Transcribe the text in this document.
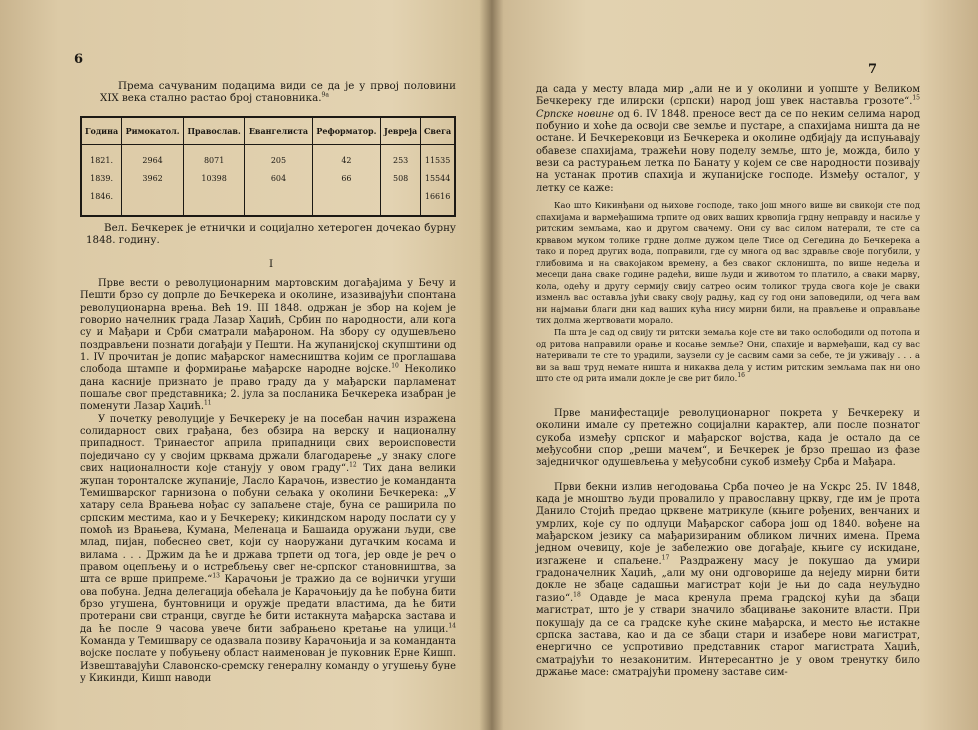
6

Према сачуваним подацима види се да је у првој половини XIX века стално растао број становника.$^{9a}$

Година	Римокатол.	Православ.	Евангелиста	Реформатор.	Јевреја	Свега
1821.	2964	8071	205	42	253	11535
1839.	3962	10398	604	66	508	15544
1846.						16616

Вел. Бечкерек је етнички и социјално хетероген дочекао бурну 1848. годину.

I

Прве вести о револуционарним мартовским догађајима у Бечу и Пешти брзо су допрле до Бечкерека и околине, изазивајући спонтана револуционарна врења. Већ 19. III 1848. одржан је збор на којем је говорио начелник града Лазар Хаџић, Србин по народности, али кога су и Мађари и Срби сматрали мађароном. На збору су одушевљено поздрављени познати догађаји у Пешти. На жупанијској скупштини од 1. IV прочитан је допис мађарског намесништва којим се проглашава слобода штампе и формирање мађарске народне војске.$^{10}$ Неколико дана касније признато је право граду да у мађарски парламенат пошаље свог представника; 2. јула за посланика Бечкерека изабран је поменути Лазар Хаџић.$^{11}$

У почетку револуције у Бечкереку је на посебан начин изражена солидарност свих грађана, без обзира на верску и националну припадност. Тринаестог априла припадници свих вероисповести поједичано су у својим црквама држали благодарење „у знаку слоге свих националности које станују у овом граду“.$^{12}$ Тих дана велики жупан торонталске жупаније, Ласло Карачоњ, известио је команданта Темишварског гарнизона о побуни сељака у околини Бечкерека: „У хатару села Врањева нођас су запаљене стаје, буна се раширила по српским местима, као и у Бечкереку; кикиндском народу послати су у помоћ из Врањева, Кумана, Меленаца и Башаида оружани људи, све млад, пијан, побеснео свет, који су наоружани дугачким косама и вилама . . . Држим да ће и држава трпети од тога, јер овде је реч о правом оцепљењу и о истребљењу свег не-српског становништва, за шта се врше припреме.“$^{13}$ Карачоњи је тражио да се војнички угуши ова побуна. Једна делегација обећала је Карачоњију да ће побуна бити брзо угушена, бунтовници и оружје предати властима, да ће бити протерани сви странци, свугде ће бити истакнута мађарска застава и да ће после 9 часова увече бити забрањено кретање на улици.$^{14}$ Команда у Темишвару се одазвала позиву Карачоњија и за команданта војске послате у побуњену област наименован је пуковник Ерне Кишп. Извештавајући Славонско-сремску генералну команду о угушењу буне у Кикинди, Кишп наводи

7

да сада у месту влада мир „али не и у околини и уопште у Великом Бечкереку где илирски (српски) народ још увек наставља грозоте“.$^{15}$ Српске новине од 6. IV 1848. преносе вест да се по неким селима народ побунио и хоће да освоји све земље и пустаре, а спахијама ништа да не остане. И Бечкерековци из Бечкерека и околине одбијају да испуњавају обавезе спахијама, тражећи нову поделу земље, што је, можда, било у вези са растурањем летка по Банату у којем се све народности позивају на устанак против спахија и жупанијске господе. Између осталог, у летку се каже:

Као што Кикинђани од њихове господе, тако још много више ви свикоји сте под спахијама и вармеђашима трпите од ових ваших крвопија грдну неправду и насиље у ритским земљама, као и другом свачему. Они су вас силом натерали, те сте са крвавом муком толике грдне долме дужом целе Тисе од Сегедина до Бечкерека а тако и поред других вода, поправили, где су многа од вас здравље своје погубили, у глибовима и на свакојаком времену, а без сваког склоништа, по више недеља и месеци дана сваке године радећи, више људи и животом то платило, а сваки марву, кола, одећу и другу сермију свију сатрео осим толиког труда свога које је сваки изменљ вас оставља јући сваку своју радњу, кад су год они заповедили, од чега вам ни најмањи благи дни кад ваших кућа нису мирни били, на прављење и оправљање тих долма жертвовати морало.

Па шта је сад од свију ти ритски земаља које сте ви тако ослободили од потопа и од ритова направили орање и косање земље? Они, спахије и вармеђаши, кад су вас натеривали те сте то урадили, заузели су је сасвим сами за себе, те ји уживају . . . а ви за ваш труд немате ништа и никаква дела у истим ритским земљама пак ни оно што сте од рита имали докле је све рит било.$^{16}$

Прве манифестације револуционарног покрета у Бечкереку и околини имале су претежно социјални карактер, али после познатог сукоба између српског и мађарског војства, када је остало да се међусобни спор „реши мачем“, и Бечкерек је брзо прешао из фазе заједничког одушевљења у међусобни сукоб између Срба и Мађара.

Први бекни излив негодовања Срба почео је на Ускрс 25. IV 1848, када је мноштво људи провалило у православну цркву, где им је прота Данило Стојић предао црквене матрикуле (књиге рођених, венчаних и умрлих, које су по одлуци Мађарског сабора још од 1840. вођене на мађарском језику са мађаризираним обликом личних имена. Према једном очевицу, које је забележио ове догађаје, књиге су искидане, изгажене и спаљене.$^{17}$ Раздражену масу је покушао да умири градоначелник Хаџић, „али му они одговорише да неједу мирни бити докле не збаце садашњи магистрат који је њи до сада неуљудно газио“.$^{18}$ Одавде је маса кренула према градској кући да збаци магистрат, што је у ствари значило збацивање законите власти. При покушају да се са градске куће скине мађарска, и место ње истакне српска застава, као и да се збаци стари и изабере нови магистрат, енергично се успротивио представник старог магистрата Хаџић, сматрајући то незаконитим. Интересантно је у овом тренутку било држање масе: сматрајући промену заставе сим-
